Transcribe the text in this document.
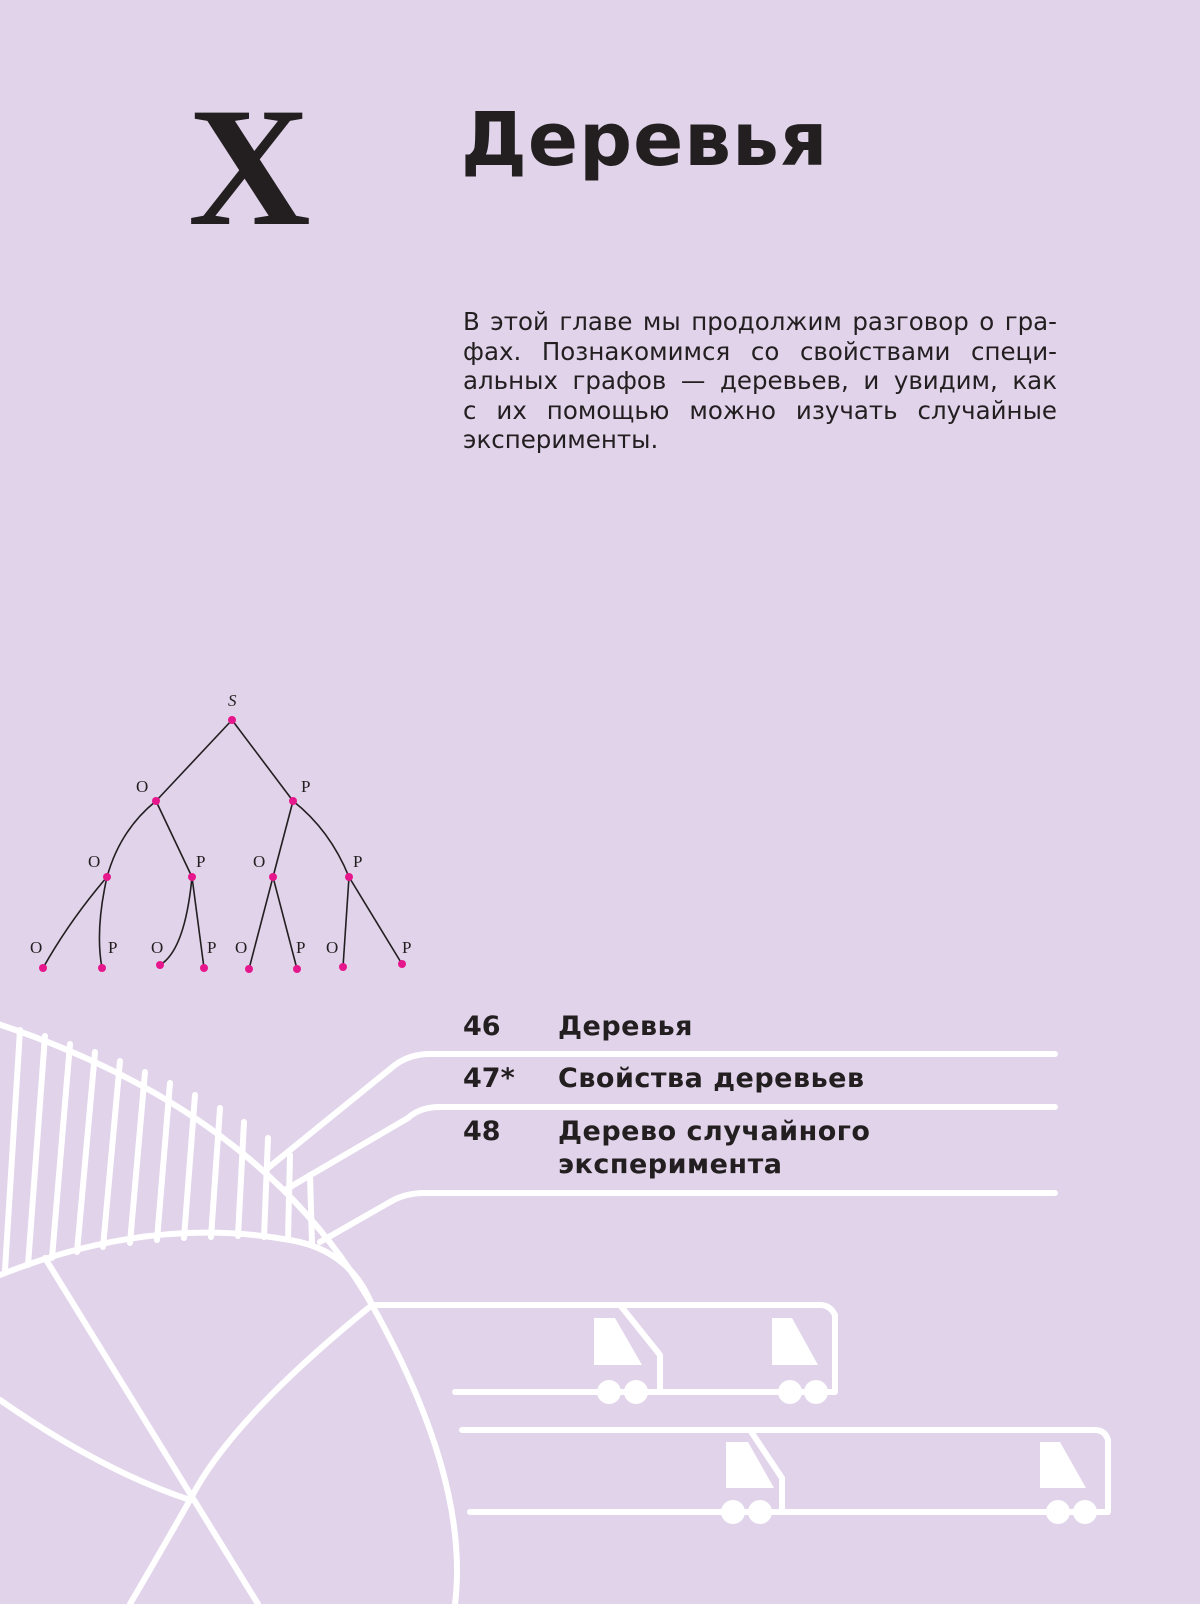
X Деревья
В этой главе мы продолжим разговор о гра-
фах. Познакомимся со свойствами специ-
альных графов — деревьев, и увидим, как
с их помощью можно изучать случайные
эксперименты.
S
О	Р
О	Р	О	Р
О	Р О	Р О	Р О	Р
46 Деревья
47* Свойства деревьев
48 Дерево случайного
эксперимента
